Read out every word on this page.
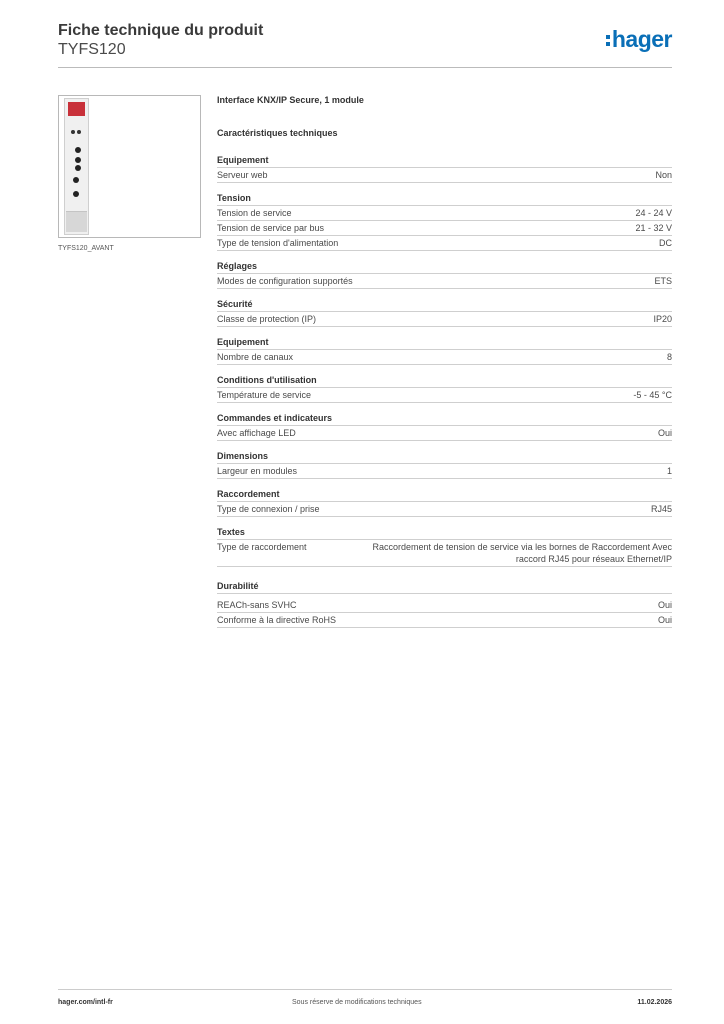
Fiche technique du produit
TYFS120	hager
TYFS120_AVANT
Interface KNX/IP Secure, 1 module
Caractéristiques techniques
Equipement
Serveur web	Non
Tension
Tension de service	24 - 24 V
Tension de service par bus	21 - 32 V
Type de tension d'alimentation	DC
Réglages
Modes de configuration supportés	ETS
Sécurité
Classe de protection (IP)	IP20
Equipement
Nombre de canaux	8
Conditions d'utilisation
Température de service	-5 - 45 °C
Commandes et indicateurs
Avec affichage LED	Oui
Dimensions
Largeur en modules	1
Raccordement
Type de connexion / prise	RJ45
Textes
Type de raccordement	Raccordement de tension de service via les bornes de Raccordement Avec raccord RJ45 pour réseaux Ethernet/IP
Durabilité
REACh-sans SVHC	Oui
Conforme à la directive RoHS	Oui
hager.com/intl-fr	Sous réserve de modifications techniques	11.02.2026
